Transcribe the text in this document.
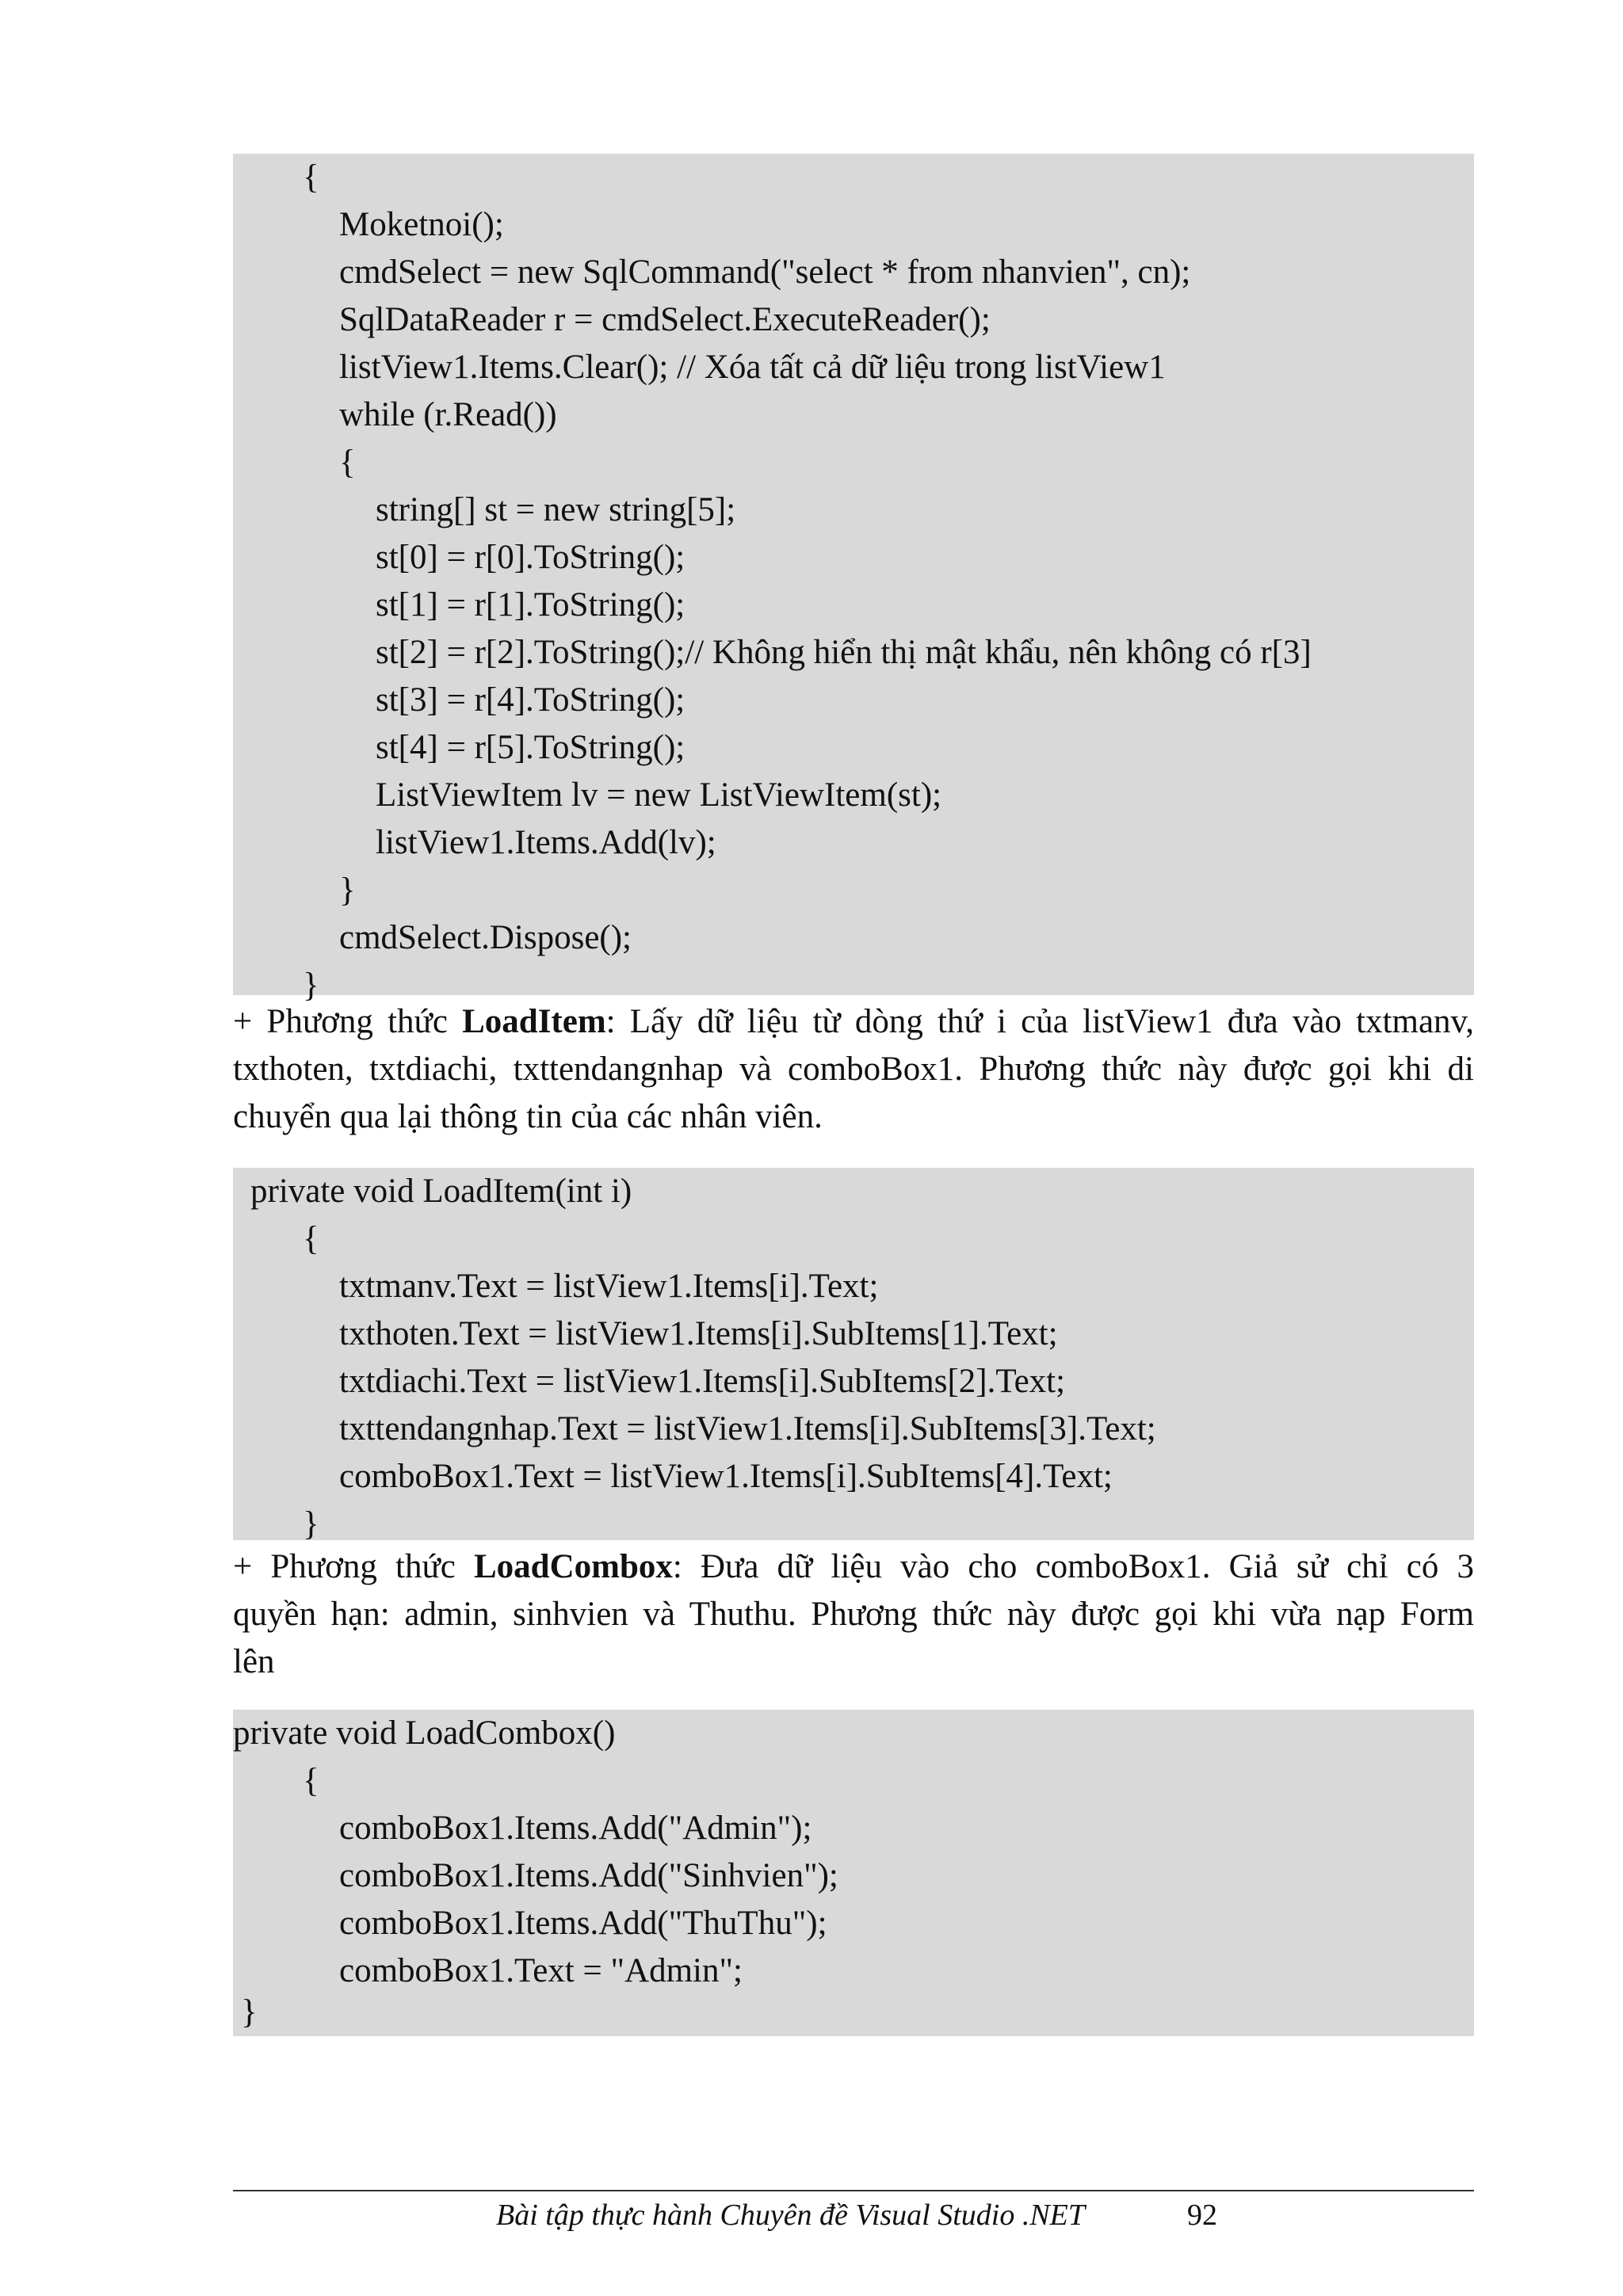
{
Moketnoi();
cmdSelect = new SqlCommand("select * from nhanvien", cn);
SqlDataReader r = cmdSelect.ExecuteReader();
listView1.Items.Clear(); // Xóa tất cả dữ liệu trong listView1
while (r.Read())
{
string[] st = new string[5];
st[0] = r[0].ToString();
st[1] = r[1].ToString();
st[2] = r[2].ToString();// Không hiển thị mật khẩu, nên không có r[3]
st[3] = r[4].ToString();
st[4] = r[5].ToString();
ListViewItem lv = new ListViewItem(st);
listView1.Items.Add(lv);
}
cmdSelect.Dispose();
}
+ Phương thức LoadItem: Lấy dữ liệu từ dòng thứ i của listView1 đưa vào txtmanv,
txthoten, txtdiachi, txttendangnhap và comboBox1. Phương thức này được gọi khi di
chuyển qua lại thông tin của các nhân viên.
private void LoadItem(int i)
{
txtmanv.Text = listView1.Items[i].Text;
txthoten.Text = listView1.Items[i].SubItems[1].Text;
txtdiachi.Text = listView1.Items[i].SubItems[2].Text;
txttendangnhap.Text = listView1.Items[i].SubItems[3].Text;
comboBox1.Text = listView1.Items[i].SubItems[4].Text;
}
+ Phương thức LoadCombox: Đưa dữ liệu vào cho comboBox1. Giả sử chỉ có 3
quyền hạn: admin, sinhvien và Thuthu. Phương thức này được gọi khi vừa nạp Form
lên
private void LoadCombox()
{
comboBox1.Items.Add("Admin");
comboBox1.Items.Add("Sinhvien");
comboBox1.Items.Add("ThuThu");
comboBox1.Text = "Admin";
}
Bài tập thực hành Chuyên đề Visual Studio .NET	92
